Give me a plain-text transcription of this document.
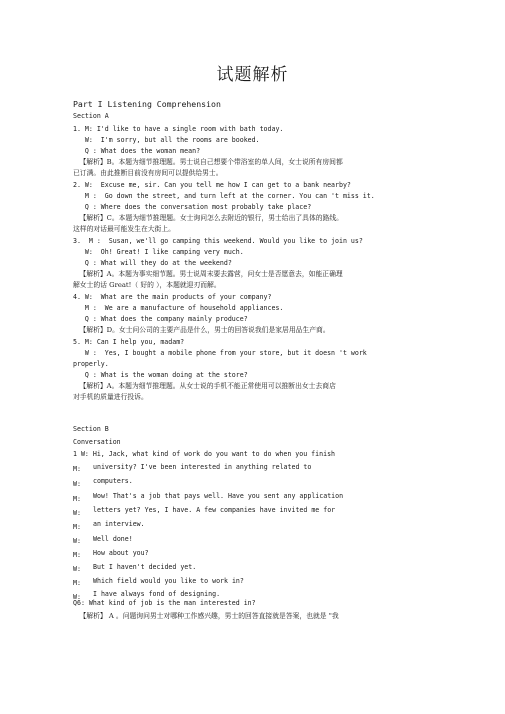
试题解析
Part I Listening Comprehension
Section A
1. M: I'd like to have a single room with bath today.
W:  I'm sorry, but all the rooms are booked.
Q : What does the woman mean?
【解析】B。本题为细节推理题。男士说自己想要个带浴室的单人间，女士说所有房间都
已订满。由此推断目前没有房间可以提供给男士。
2. W:  Excuse me, sir. Can you tell me how I can get to a bank nearby?
M :  Go down the street, and turn left at the corner. You can 't miss it.
Q : Where does the conversation most probably take place?
【解析】C。本题为细节推理题。女士询问怎么去附近的银行，男士给出了具体的路线。
这样的对话最可能发生在大街上。
3.  M :  Susan, we'll go camping this weekend. Would you like to join us?
W:  Oh! Great! I like camping very much.
Q : What will they do at the weekend?
【解析】A。本题为事实细节题。男士说周末要去露营，问女士是否愿意去，如能正确理
解女士的话 Great!（ 好的 ），本题就迎刃而解。
4. W:  What are the main products of your company?
M :  We are a manufacture of household appliances.
Q : What does the company mainly produce?
【解析】D。女士问公司的主要产品是什么，男士的回答说我们是家居用品生产商。
5. M: Can I help you, madam?
W :  Yes, I bought a mobile phone from your store, but it doesn 't work
properly.
Q : What is the woman doing at the store?
【解析】A。本题为细节推理题。从女士说的手机不能正常使用可以推断出女士去商店
对手机的质量进行投诉。
Section B
Conversation
1 W: Hi, Jack, what kind of work do you want to do when you finish
M:	university? I've been interested in anything related to
W:	computers.
M:	Wow! That's a job that pays well. Have you sent any application
W:	letters yet? Yes, I have. A few companies have invited me for
M:	an interview.
W:	Well done!
M:	How about you?
W:	But I haven't decided yet.
M:	Which field would you like to work in?
W:	I have always fond of designing.
Q6: What kind of job is the man interested in?
【解析】 A 。问题询问男士对哪种工作感兴趣，男士的回答直接就是答案，也就是 "我
